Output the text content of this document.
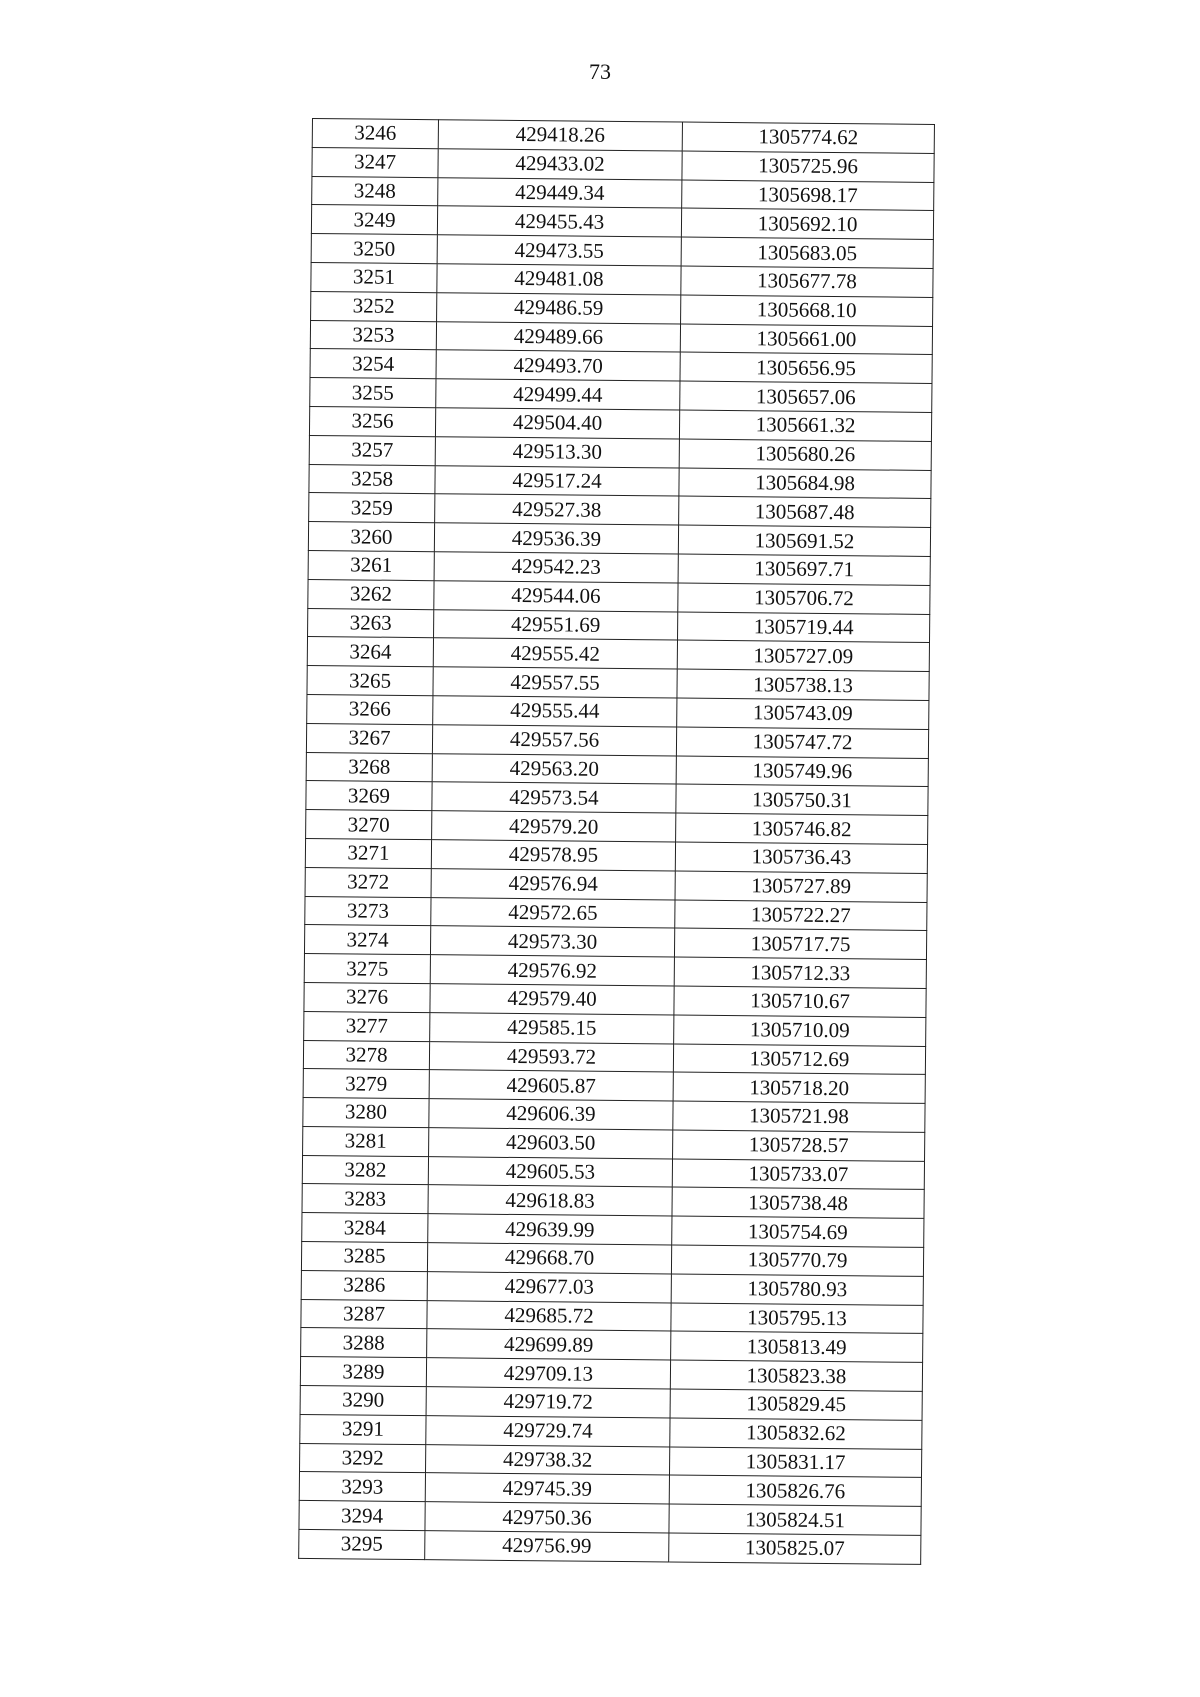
73
3246	429418.26	1305774.62
3247	429433.02	1305725.96
3248	429449.34	1305698.17
3249	429455.43	1305692.10
3250	429473.55	1305683.05
3251	429481.08	1305677.78
3252	429486.59	1305668.10
3253	429489.66	1305661.00
3254	429493.70	1305656.95
3255	429499.44	1305657.06
3256	429504.40	1305661.32
3257	429513.30	1305680.26
3258	429517.24	1305684.98
3259	429527.38	1305687.48
3260	429536.39	1305691.52
3261	429542.23	1305697.71
3262	429544.06	1305706.72
3263	429551.69	1305719.44
3264	429555.42	1305727.09
3265	429557.55	1305738.13
3266	429555.44	1305743.09
3267	429557.56	1305747.72
3268	429563.20	1305749.96
3269	429573.54	1305750.31
3270	429579.20	1305746.82
3271	429578.95	1305736.43
3272	429576.94	1305727.89
3273	429572.65	1305722.27
3274	429573.30	1305717.75
3275	429576.92	1305712.33
3276	429579.40	1305710.67
3277	429585.15	1305710.09
3278	429593.72	1305712.69
3279	429605.87	1305718.20
3280	429606.39	1305721.98
3281	429603.50	1305728.57
3282	429605.53	1305733.07
3283	429618.83	1305738.48
3284	429639.99	1305754.69
3285	429668.70	1305770.79
3286	429677.03	1305780.93
3287	429685.72	1305795.13
3288	429699.89	1305813.49
3289	429709.13	1305823.38
3290	429719.72	1305829.45
3291	429729.74	1305832.62
3292	429738.32	1305831.17
3293	429745.39	1305826.76
3294	429750.36	1305824.51
3295	429756.99	1305825.07
